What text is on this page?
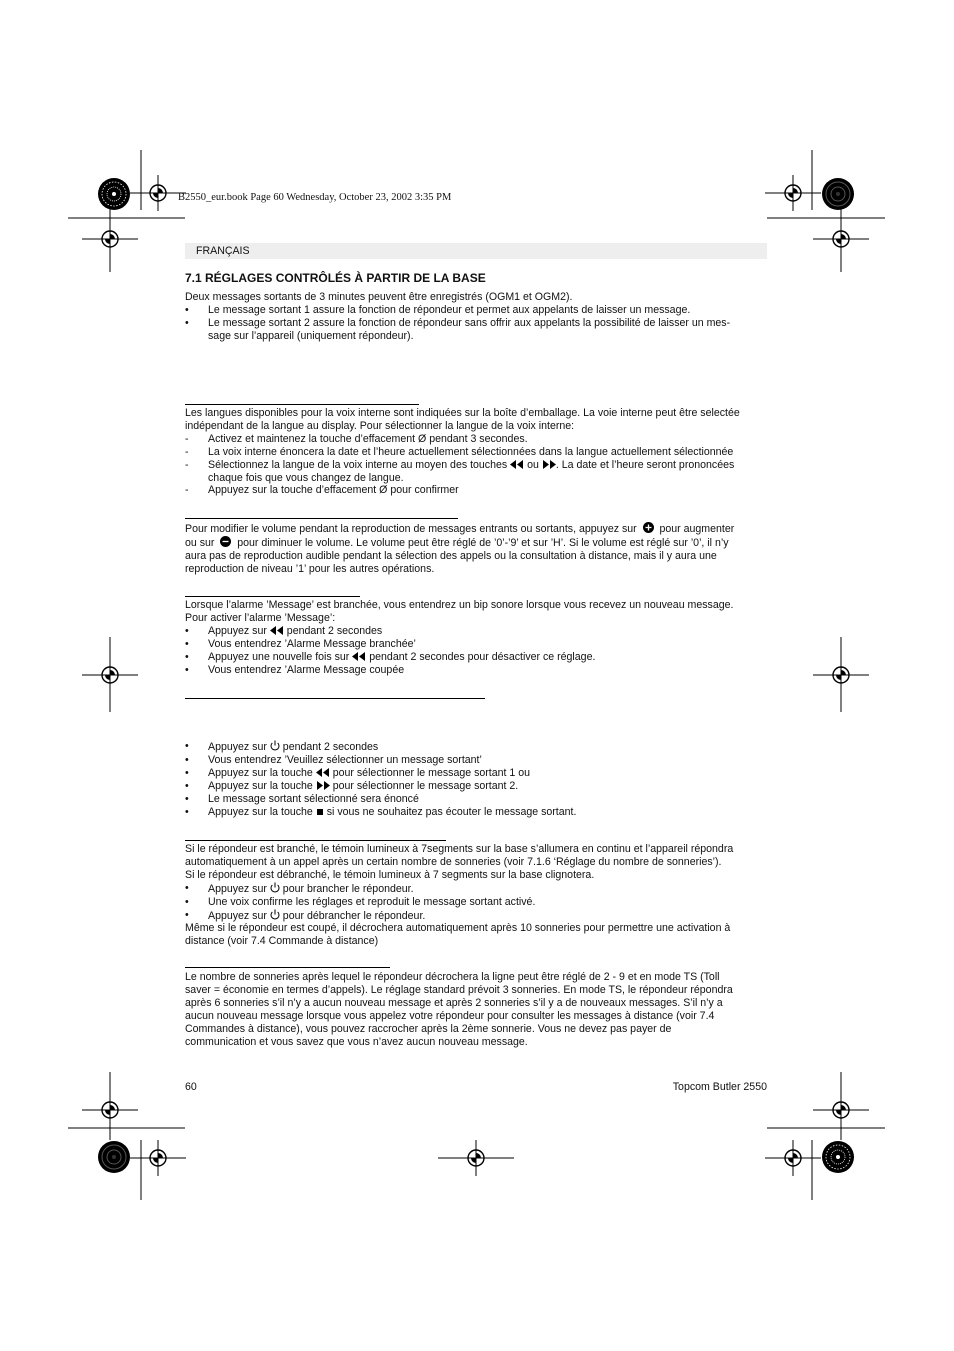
B2550_eur.book Page 60 Wednesday, October 23, 2002 3:35 PM
FRANÇAIS
7.1 RÉGLAGES CONTRÔLÉS À PARTIR DE LA BASE
Deux messages sortants de 3 minutes peuvent être enregistrés (OGM1 et OGM2).
•	Le message sortant 1 assure la fonction de répondeur et permet aux appelants de laisser un message.
•	Le message sortant 2 assure la fonction de répondeur sans offrir aux appelants la possibilité de laisser un mes-
sage sur l’appareil (uniquement répondeur).
Les langues disponibles pour la voix interne sont indiquées sur la boîte d’emballage. La voie interne peut être selectée
indépendant de la langue au display. Pour sélectionner la langue de la voix interne:
-	Activez et maintenez la touche d’effacement Ø pendant 3 secondes.
-	La voix interne énoncera la date et l’heure actuellement sélectionnées dans la langue actuellement sélectionnée
-	Sélectionnez la langue de la voix interne au moyen des touches ou . La date et l’heure seront prononcées
chaque fois que vous changez de langue.
-	Appuyez sur la touche d’effacement Ø pour confirmer
Pour modifier le volume pendant la reproduction de messages entrants ou sortants, appuyez sur pour augmenter
ou sur pour diminuer le volume. Le volume peut être réglé de ’0’-’9’ et sur ’H’. Si le volume est réglé sur ’0’, il n’y
aura pas de reproduction audible pendant la sélection des appels ou la consultation à distance, mais il y aura une
reproduction de niveau ’1’ pour les autres opérations.
Lorsque l’alarme ’Message’ est branchée, vous entendrez un bip sonore lorsque vous recevez un nouveau message.
Pour activer l’alarme ’Message’:
•	Appuyez sur pendant 2 secondes
•	Vous entendrez ’Alarme Message branchée’
•	Appuyez une nouvelle fois sur pendant 2 secondes pour désactiver ce réglage.
•	Vous entendrez ’Alarme Message coupée
•	Appuyez sur pendant 2 secondes
•	Vous entendrez ’Veuillez sélectionner un message sortant’
•	Appuyez sur la touche pour sélectionner le message sortant 1 ou
•	Appuyez sur la touche pour sélectionner le message sortant 2.
•	Le message sortant sélectionné sera énoncé
•	Appuyez sur la touche si vous ne souhaitez pas écouter le message sortant.
Si le répondeur est branché, le témoin lumineux à 7segments sur la base s’allumera en continu et l’appareil répondra
automatiquement à un appel après un certain nombre de sonneries (voir 7.1.6 ‘Réglage du nombre de sonneries’).
Si le répondeur est débranché, le témoin lumineux à 7 segments sur la base clignotera.
•	Appuyez sur pour brancher le répondeur.
•	Une voix confirme les réglages et reproduit le message sortant activé.
•	Appuyez sur pour débrancher le répondeur.
Même si le répondeur est coupé, il décrochera automatiquement après 10 sonneries pour permettre une activation à
distance (voir 7.4 Commande à distance)
Le nombre de sonneries après lequel le répondeur décrochera la ligne peut être réglé de 2 - 9 et en mode TS (Toll
saver = économie en termes d’appels). Le réglage standard prévoit 3 sonneries. En mode TS, le répondeur répondra
après 6 sonneries s’il n’y a aucun nouveau message et après 2 sonneries s’il y a de nouveaux messages. S’il n’y a
aucun nouveau message lorsque vous appelez votre répondeur pour consulter les messages à distance (voir 7.4
Commandes à distance), vous pouvez raccrocher après la 2ème sonnerie. Vous ne devez pas payer de
communication et vous savez que vous n’avez aucun nouveau message.
60	Topcom Butler 2550
